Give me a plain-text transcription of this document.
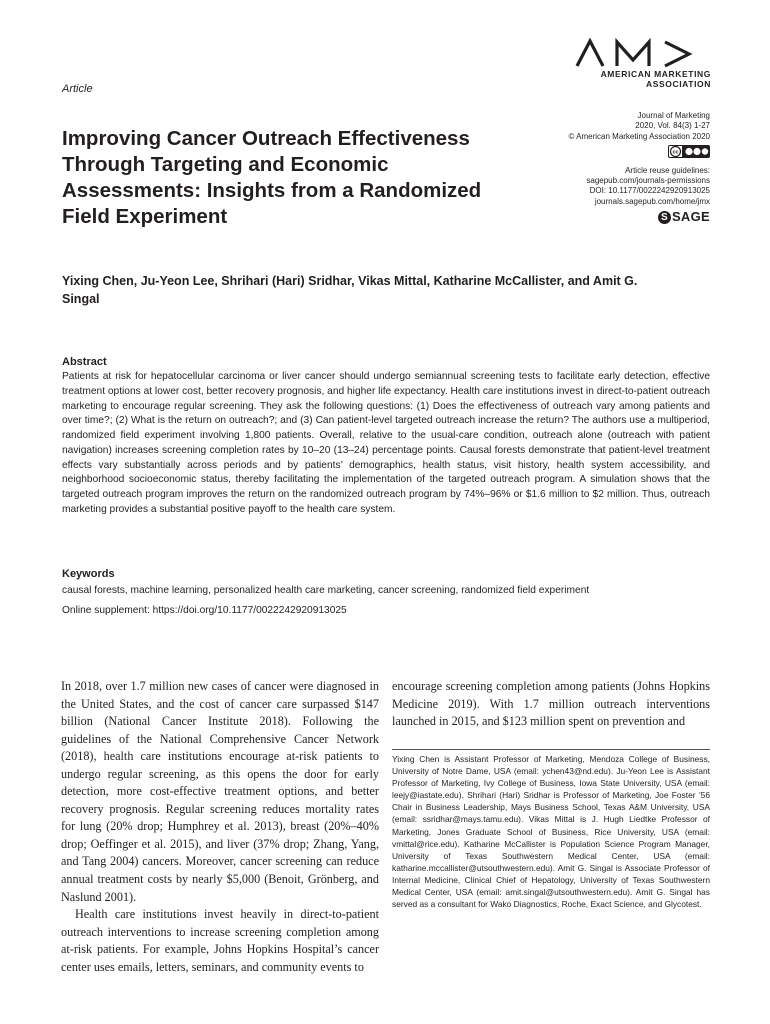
Article
AMERICAN MARKETING
ASSOCIATION
Improving Cancer Outreach Effectiveness Through Targeting and Economic Assessments: Insights from a Randomized Field Experiment
Journal of Marketing
2020, Vol. 84(3) 1-27
© American Marketing Association 2020
cc
Article reuse guidelines:
sagepub.com/journals-permissions
DOI: 10.1177/0022242920913025
journals.sagepub.com/home/jmx
S SAGE
Yixing Chen, Ju-Yeon Lee, Shrihari (Hari) Sridhar, Vikas Mittal, Katharine McCallister, and Amit G. Singal
Abstract
Patients at risk for hepatocellular carcinoma or liver cancer should undergo semiannual screening tests to facilitate early detection, effective treatment options at lower cost, better recovery prognosis, and higher life expectancy. Health care institutions invest in direct-to-patient outreach marketing to encourage regular screening. They ask the following questions: (1) Does the effectiveness of outreach vary among patients and over time?; (2) What is the return on outreach?; and (3) Can patient-level targeted outreach increase the return? The authors use a multiperiod, randomized field experiment involving 1,800 patients. Overall, relative to the usual-care condition, outreach alone (outreach with patient navigation) increases screening completion rates by 10–20 (13–24) percentage points. Causal forests demonstrate that patient-level treatment effects vary substantially across periods and by patients’ demographics, health status, visit history, health system accessibility, and neighborhood socioeconomic status, thereby facilitating the implementation of the targeted outreach program. A simulation shows that the targeted outreach program improves the return on the randomized outreach program by 74%–96% or $1.6 million to $2 million. Thus, outreach marketing provides a substantial positive payoff to the health care system.
Keywords
causal forests, machine learning, personalized health care marketing, cancer screening, randomized field experiment
Online supplement: https://doi.org/10.1177/0022242920913025

In 2018, over 1.7 million new cases of cancer were diagnosed in the United States, and the cost of cancer care surpassed $147 billion (National Cancer Institute 2018). Following the guidelines of the National Comprehensive Cancer Network (2018), health care institutions encourage at-risk patients to undergo regular screening, as this opens the door for early detection, more cost-effective treatment options, and better recovery prognosis. Regular screening reduces mortality rates for lung (20% drop; Humphrey et al. 2013), breast (20%–40% drop; Oeffinger et al. 2015), and liver (37% drop; Zhang, Yang, and Tang 2004) cancers. Moreover, cancer screening can reduce annual treatment costs by nearly $5,000 (Benoit, Grönberg, and Naslund 2001).

Health care institutions invest heavily in direct-to-patient outreach interventions to increase screening completion among at-risk patients. For example, Johns Hopkins Hospital’s cancer center uses emails, letters, seminars, and community events to

encourage screening completion among patients (Johns Hopkins Medicine 2019). With 1.7 million outreach interventions launched in 2015, and $123 million spent on prevention and
Yixing Chen is Assistant Professor of Marketing, Mendoza College of Business, University of Notre Dame, USA (email: ychen43@nd.edu). Ju-Yeon Lee is Assistant Professor of Marketing, Ivy College of Business, Iowa State University, USA (email: leejy@iastate.edu). Shrihari (Hari) Sridhar is Professor of Marketing, Joe Foster ’56 Chair in Business Leadership, Mays Business School, Texas A&M University, USA (email: ssridhar@mays.tamu.edu). Vikas Mittal is J. Hugh Liedtke Professor of Marketing, Jones Graduate School of Business, Rice University, USA (email: vmittal@rice.edu). Katharine McCallister is Population Science Program Manager, University of Texas Southwestern Medical Center, USA (email: katharine.mccallister@utsouthwestern.edu). Amit G. Singal is Associate Professor of Internal Medicine, Clinical Chief of Hepatology, University of Texas Southwestern Medical Center, USA (email: amit.singal@utsouthwestern.edu). Amit G. Singal has served as a consultant for Wako Diagnostics, Roche, Exact Science, and Glycotest.
